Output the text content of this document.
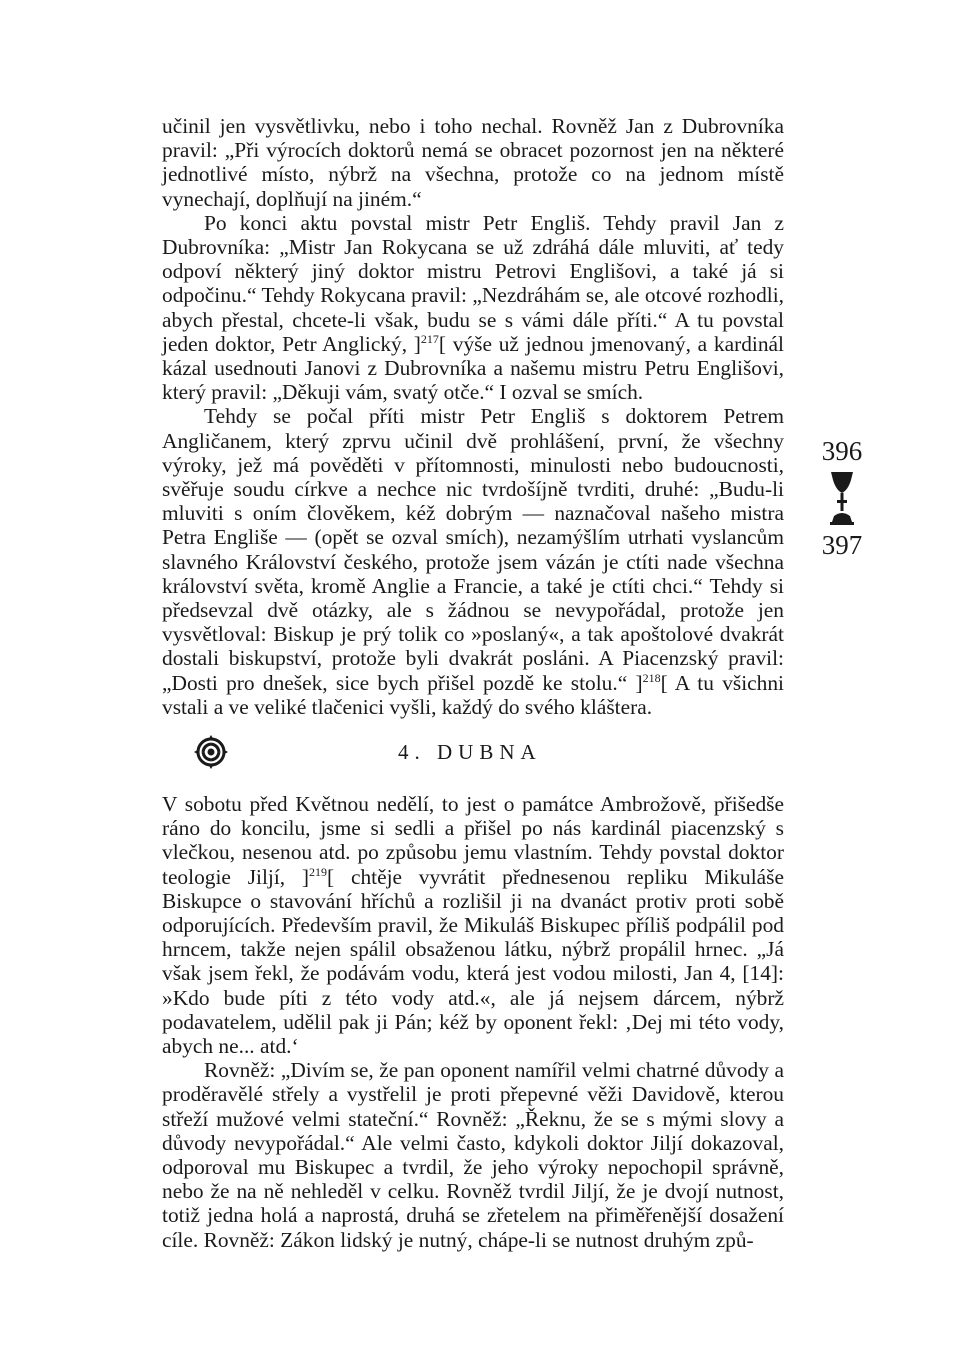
učinil jen vysvětlivku, nebo i toho nechal. Rovněž Jan z Dubrovníka pravil: „Při výrocích doktorů nemá se obracet pozornost jen na některé jednotlivé místo, nýbrž na všechna, protože co na jednom místě vynechají, doplňují na jiném.“

Po konci aktu povstal mistr Petr Engliš. Tehdy pravil Jan z Dubrovníka: „Mistr Jan Rokycana se už zdráhá dále mluviti, ať tedy odpoví některý jiný doktor mistru Petrovi Englišovi, a také já si odpočinu.“ Tehdy Rokycana pravil: „Nezdráhám se, ale otcové rozhodli, abych přestal, chcete-li však, budu se s vámi dále příti.“ A tu povstal jeden doktor, Petr Anglický, ]$^{217}$[ výše už jednou jmenovaný, a kardinál kázal usednouti Janovi z Dubrovníka a našemu mistru Petru Englišovi, který pravil: „Děkuji vám, svatý otče.“ I ozval se smích.

Tehdy se počal příti mistr Petr Engliš s doktorem Petrem Angličanem, který zprvu učinil dvě prohlášení, první, že všechny výroky, jež má pověděti v přítomnosti, minulosti nebo budoucnosti, svěřuje soudu církve a nechce nic tvrdošíjně tvrditi, druhé: „Budu-li mluviti s oním člověkem, kéž dobrým — naznačoval našeho mistra Petra Engliše — (opět se ozval smích), nezamýšlím utrhati vyslancům slavného Království českého, protože jsem vázán je ctíti nade všechna království světa, kromě Anglie a Francie, a také je ctíti chci.“ Tehdy si předsevzal dvě otázky, ale s žádnou se nevypořádal, protože jen vysvětloval: Biskup je prý tolik co »poslaný«, a tak apoštolové dvakrát dostali biskupství, protože byli dvakrát posláni. A Piacenzský pravil: „Dosti pro dnešek, sice bych přišel pozdě ke stolu.“ ]$^{218}$[ A tu všichni vstali a ve veliké tlačenici vyšli, každý do svého kláštera.

396
397
4. DUBNA

V sobotu před Květnou nedělí, to jest o památce Ambrožově, přišedše ráno do koncilu, jsme si sedli a přišel po nás kardinál piacenzský s vlečkou, nesenou atd. po způsobu jemu vlastním. Tehdy povstal doktor teologie Jiljí, ]$^{219}$[ chtěje vyvrátit přednesenou repliku Mikuláše Biskupce o stavování hříchů a rozlišil ji na dvanáct protiv proti sobě odporujících. Především pravil, že Mikuláš Biskupec příliš podpálil pod hrncem, takže nejen spálil obsaženou látku, nýbrž propálil hrnec. „Já však jsem řekl, že podávám vodu, která jest vodou milosti, Jan 4, [14]: »Kdo bude píti z této vody atd.«, ale já nejsem dárcem, nýbrž podavatelem, udělil pak ji Pán; kéž by oponent řekl: ‚Dej mi této vody, abych ne... atd.‘

Rovněž: „Divím se, že pan oponent namířil velmi chatrné důvody a proděravělé střely a vystřelil je proti přepevné věži Davidově, kterou střeží mužové velmi stateční.“ Rovněž: „Řeknu, že se s mými slovy a důvody nevypořádal.“ Ale velmi často, kdykoli doktor Jiljí dokazoval, odporoval mu Biskupec a tvrdil, že jeho výroky nepochopil správně, nebo že na ně nehleděl v celku. Rovněž tvrdil Jiljí, že je dvojí nutnost, totiž jedna holá a naprostá, druhá se zřetelem na přiměřenější dosažení cíle. Rovněž: Zákon lidský je nutný, chápe-li se nutnost druhým způ-
